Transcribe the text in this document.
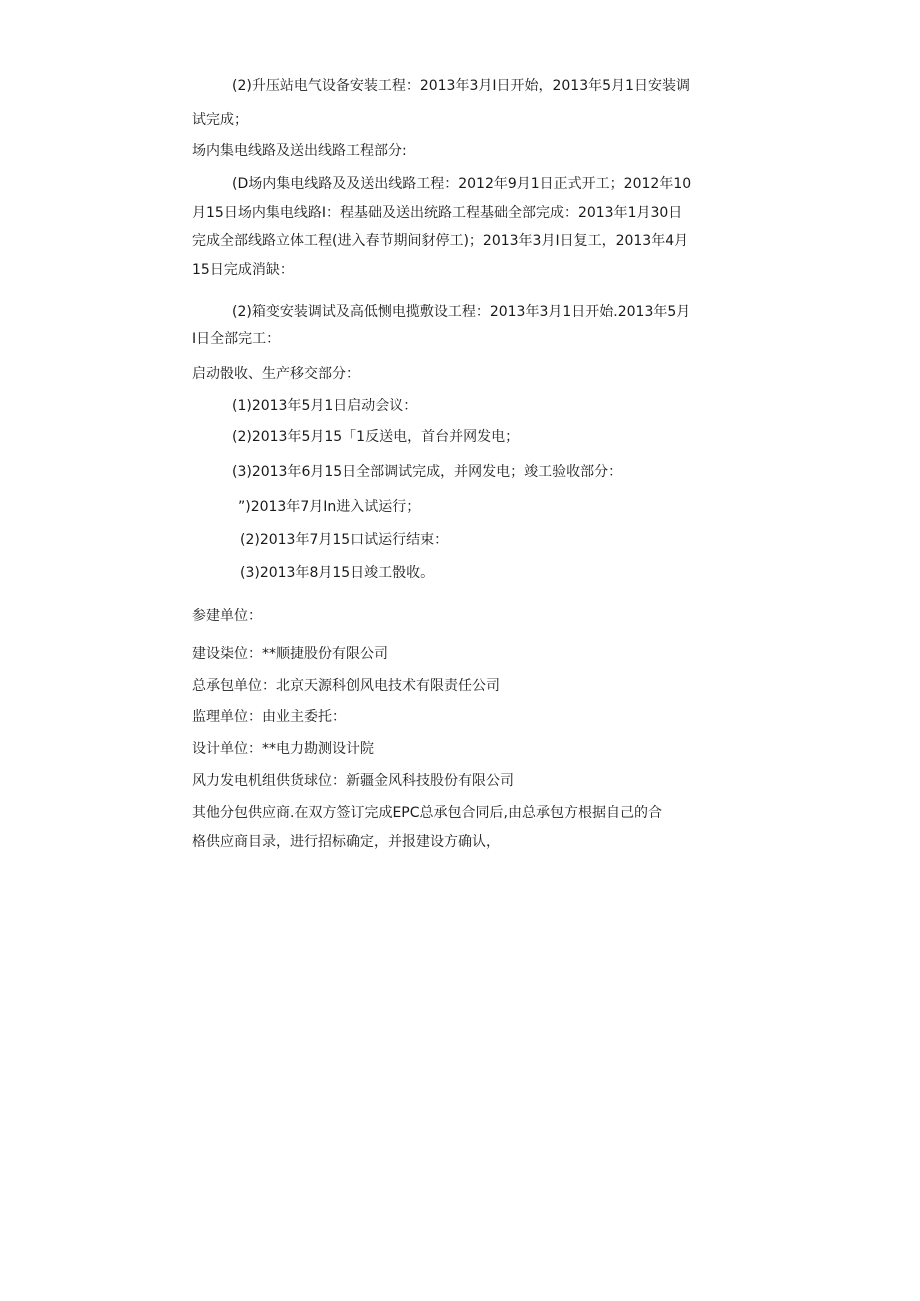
(2)升压站电气设备安装工程：2013年3月I日开始，2013年5月1日安装调
试完成；
场内集电线路及送出线路工程部分:
(D场内集电线路及及送出线路工程：2012年9月1日正式开工；2012年10
月15日场内集电线路I：程基础及送出统路工程基础全部完成：2013年1月30日
完成全部线路立体工程(进入春节期间豺停工)；2013年3月I日复工，2013年4月
15日完成消缺：
(2)箱变安装调试及高低恻电揽敷设工程：2013年3月1日开始.2013年5月
I日全部完工：
启动骰收、生产移交部分：
(1)2013年5月1日启动会议：
(2)2013年5月15「1反送电，首台并网发电；
(3)2013年6月15日全部调试完成，并网发电；竣工验收部分：
”)2013年7月In进入试运行；
(2)2013年7月15口试运行结束：
(3)2013年8月15日竣工骰收。
参建单位：
建设柒位：**顺捷股份有限公司
总承包单位：北京天源科创风电技术有限责任公司
监理单位：由业主委托：
设计单位：**电力勘测设计院
风力发电机组供货球位：新疆金风科技股份有限公司
其他分包供应商.在双方签订完成EPC总承包合同后,由总承包方根据自己的合
格供应商目录，进行招标确定，并报建设方确认，
